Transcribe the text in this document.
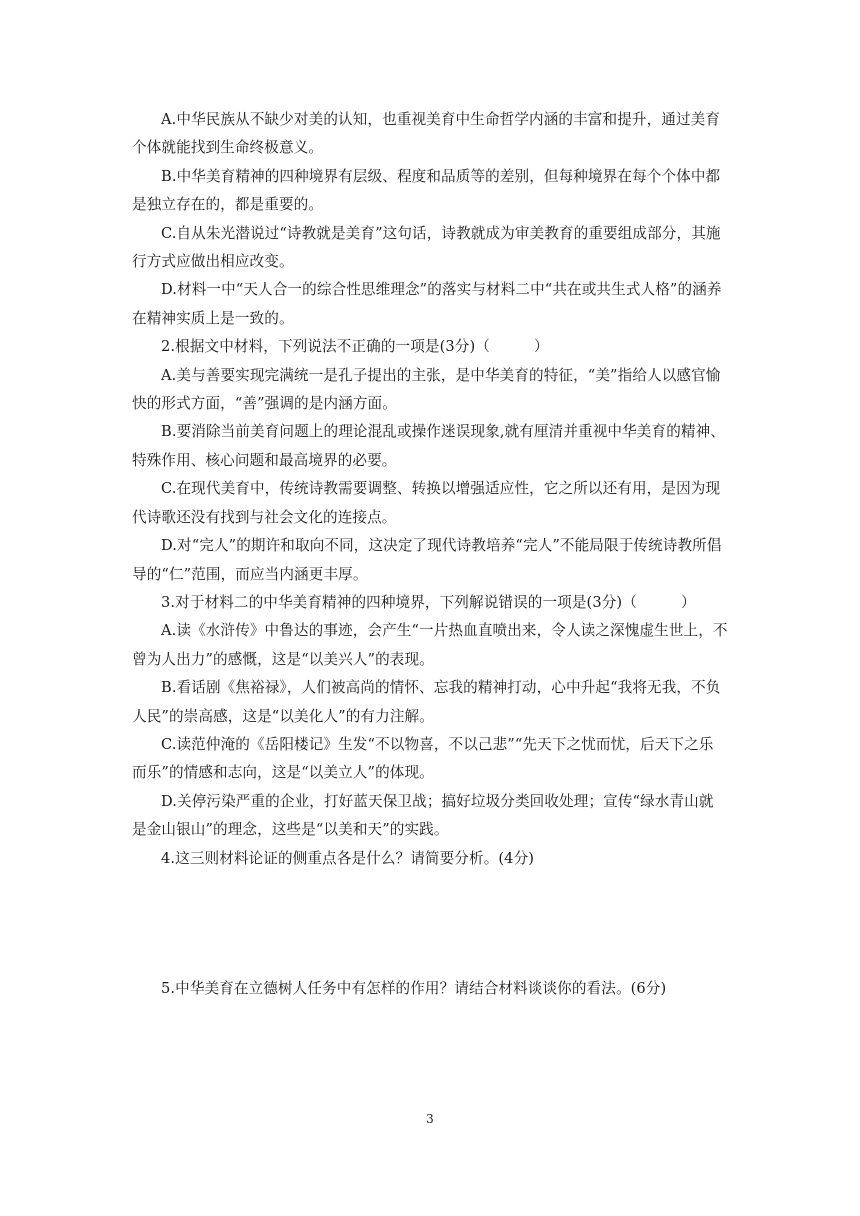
A.中华民族从不缺少对美的认知，也重视美育中生命哲学内涵的丰富和提升，通过美育个体就能找到生命终极意义。

B.中华美育精神的四种境界有层级、程度和品质等的差别，但每种境界在每个个体中都是独立存在的，都是重要的。

C.自从朱光潜说过“诗教就是美育”这句话，诗教就成为审美教育的重要组成部分，其施行方式应做出相应改变。

D.材料一中“天人合一的综合性思维理念”的落实与材料二中“共在或共生式人格”的涵养在精神实质上是一致的。

2.根据文中材料，下列说法不正确的一项是(3分)（　　　）

A.美与善要实现完满统一是孔子提出的主张，是中华美育的特征，“美”指给人以感官愉快的形式方面，“善”强调的是内涵方面。

B.要消除当前美育问题上的理论混乱或操作迷误现象,就有厘清并重视中华美育的精神、特殊作用、核心问题和最高境界的必要。

C.在现代美育中，传统诗教需要调整、转换以增强适应性，它之所以还有用，是因为现代诗歌还没有找到与社会文化的连接点。

D.对“完人”的期许和取向不同，这决定了现代诗教培养“完人”不能局限于传统诗教所倡导的“仁”范围，而应当内涵更丰厚。

3.对于材料二的中华美育精神的四种境界，下列解说错误的一项是(3分)（　　　）

A.读《水浒传》中鲁达的事迹，会产生“一片热血直喷出来，令人读之深愧虚生世上，不曾为人出力”的感慨，这是“以美兴人”的表现。

B.看话剧《焦裕禄》，人们被高尚的情怀、忘我的精神打动，心中升起“我将无我，不负人民”的崇高感，这是“以美化人”的有力注解。

C.读范仲淹的《岳阳楼记》生发“不以物喜，不以己悲”“先天下之忧而忧，后天下之乐而乐”的情感和志向，这是“以美立人”的体现。

D.关停污染严重的企业，打好蓝天保卫战；搞好垃圾分类回收处理；宣传“绿水青山就是金山银山”的理念，这些是“以美和天”的实践。

4.这三则材料论证的侧重点各是什么？请简要分析。(4分)

5.中华美育在立德树人任务中有怎样的作用？请结合材料谈谈你的看法。(6分)

3
